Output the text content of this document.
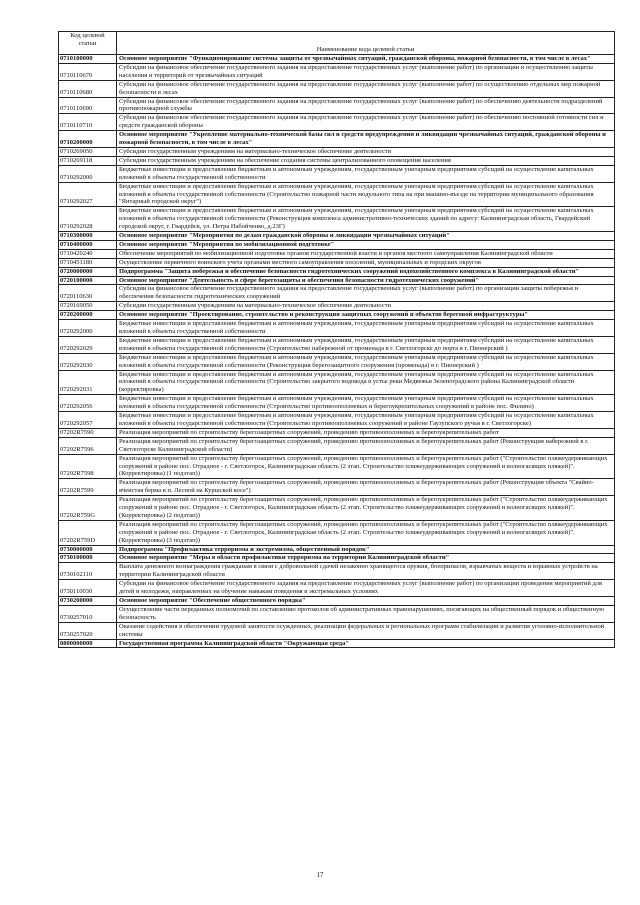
Код целевой статьи	Наименование кода целевой статьи
0710100000	Основное мероприятие "Функционирование системы защиты от чрезвычайных ситуаций, гражданской обороны, пожарной безопасности, в том числе в лесах"
0710110670	Субсидии на финансовое обеспечение государственного задания на предоставление государственных услуг (выполнение работ) по организации и осуществлению защиты населения и территорий от чрезвычайных ситуаций
0710110680	Субсидии на финансовое обеспечение государственного задания на предоставление государственных услуг (выполнение работ) по осуществлению отдельных мер пожарной безопасности в лесах
0710110690	Субсидии на финансовое обеспечение государственного задания на предоставление государственных услуг (выполнение работ) по обеспечению деятельности подразделений противопожарной службы
0710110710	Субсидии на финансовое обеспечение государственного задания на предоставление государственных услуг (выполнение работ) по обеспечению постоянной готовности сил и средств гражданской обороны
0710200000	Основное мероприятие "Укрепление материально-технической базы сил и средств предупреждения и ликвидации чрезвычайных ситуаций, гражданской обороны и пожарной безопасности, в том числе в лесах"
0710269050	Субсидии государственным учреждениям на материально-техническое обеспечение деятельности
0710269118	Субсидии государственным учреждениям на обеспечение создания системы централизованного оповещения населения
0710292000	Бюджетные инвестиции и предоставление бюджетным и автономным учреждениям, государственным унитарным предприятиям субсидий на осуществление капитальных вложений в объекты государственной собственности
0710292027	Бюджетные инвестиции и предоставление бюджетным и автономным учреждениям, государственным унитарным предприятиям субсидий на осуществление капитальных вложений в объекты государственной собственности (Строительство пожарной части модульного типа на при машино-въезде на территории муниципального образования "Янтарный городской округ")
0710292028	Бюджетные инвестиции и предоставление бюджетным и автономным учреждениям, государственным унитарным предприятиям субсидий на осуществление капитальных вложений в объекты государственной собственности (Реконструкция комплекса административно-технических зданий по адресу: Калининградская область, Гвардейский городской округ, г. Гвардейск, ул. Петра Набойченко, д.23Г)
0710300000	Основное мероприятие "Мероприятия по делам гражданской обороны и ликвидации чрезвычайных ситуаций"
0710400000	Основное мероприятие "Мероприятия по мобилизационной подготовке"
0710420240	Обеспечение мероприятий по мобилизационной подготовке органов государственной власти и органов местного самоуправления Калининградской области
0710451180	Осуществление первичного воинского учета органами местного самоуправления поселений, муниципальных и городских округов
0720000000	Подпрограмма "Защита побережья и обеспечение безопасности гидротехнических сооружений водохозяйственного комплекса в Калининградской области"
0720100000	Основное мероприятие "Деятельность в сфере берегозащиты и обеспечения безопасности гидротехнических сооружений"
0720110630	Субсидии на финансовое обеспечение государственного задания на предоставление государственных услуг (выполнение работ) по организации защиты побережья и обеспечения безопасности гидротехнических сооружений
0720169050	Субсидии государственным учреждениям на материально-техническое обеспечение деятельности
0720200000	Основное мероприятие "Проектирование, строительство и реконструкция защитных сооружений и объектов береговой инфраструктуры"
0720292000	Бюджетные инвестиции и предоставление бюджетным и автономным учреждениям, государственным унитарным предприятиям субсидий на осуществление капитальных вложений в объекты государственной собственности
0720292029	Бюджетные инвестиции и предоставление бюджетным и автономным учреждениям, государственным унитарным предприятиям субсидий на осуществление капитальных вложений в объекты государственной собственности (Строительство набережной от променада в г. Светлогорске до порта в г. Пионерский )
0720292030	Бюджетные инвестиции и предоставление бюджетным и автономным учреждениям, государственным унитарным предприятиям субсидий на осуществление капитальных вложений в объекты государственной собственности (Реконструкция берегозащитного сооружения (променада) в г. Пионерский )
0720292031	Бюджетные инвестиции и предоставление бюджетным и автономным учреждениям, государственным унитарным предприятиям субсидий на осуществление капитальных вложений в объекты государственной собственности (Строительство закрытого водовода в устье реки Медвежья Зеленоградского района Калининградской области (корректировка)
0720292056	Бюджетные инвестиции и предоставление бюджетным и автономным учреждениям, государственным унитарным предприятиям субсидий на осуществление капитальных вложений в объекты государственной собственности (Строительство противооползневых и берегоукрепительных сооружений в районе пос. Филино)
0720292057	Бюджетные инвестиции и предоставление бюджетным и автономным учреждениям, государственным унитарным предприятиям субсидий на осуществление капитальных вложений в объекты государственной собственности (Строительство противооползневых сооружений в районе Гаузупского ручья в г. Светлогорске)
07202R7590	Реализация мероприятий по строительству берегозащитных сооружений, проведению противооползневых и берегоукрепительных работ
07202R7596	Реализация мероприятий по строительству берегозащитных сооружений, проведению противооползневых и берегоукрепительных работ (Реконструкция набережной в г. Светлогорске Калининградской области)
07202R7598	Реализация мероприятий по строительству берегозащитных сооружений, проведению противооползневых и берегоукрепительных работ ("Строительство пляжеудерживающих сооружений в районе пос. Отрадное - г. Светлогорск, Калининградская область (2 этап. Строительство пляжеудерживающих сооружений и волногасящих пляжей)". (Корректировка) (1 подэтап))
07202R7599	Реализация мероприятий по строительству берегозащитных сооружений, проведению противооползневых и берегоукрепительных работ (Реконструкция объекта "Свайно-ячеистая берма в п. Лесной на Куршской косе")
07202R759G	Реализация мероприятий по строительству берегозащитных сооружений, проведению противооползневых и берегоукрепительных работ ("Строительство пляжеудерживающих сооружений в районе пос. Отрадное - г. Светлогорск, Калининградская область (2 этап. Строительство пляжеудерживающих сооружений и волногасящих пляжей)". (Корректировка) (2 подэтап))
07202R759D	Реализация мероприятий по строительству берегозащитных сооружений, проведению противооползневых и берегоукрепительных работ ("Строительство пляжеудерживающих сооружений в районе пос. Отрадное - г. Светлогорск, Калининградская область (2 этап. Строительство пляжеудерживающих сооружений и волногасящих пляжей)". (Корректировка) (3 подэтап))
0730000000	Подпрограмма "Профилактика терроризма и экстремизма, общественный порядок"
0730100000	Основное мероприятие "Меры в области профилактики терроризма на территории Калининградской области"
0730102110	Выплата денежного вознаграждения гражданам в связи с добровольной сдачей незаконно хранящегося оружия, боеприпасов, взрывчатых веществ и взрывных устройств на территории Калининградской области
0730110030	Субсидии на финансовое обеспечение государственного задания на предоставление государственных услуг (выполнение работ) по организации проведения мероприятий для детей и молодежи, направленных на обучение навыкам поведения в экстремальных условиях
0730200000	Основное мероприятие "Обеспечение общественного порядка"
0730257010	Осуществление части переданных полномочий по составлению протоколов об административных правонарушениях, посягающих на общественный порядок и общественную безопасность
0730257020	Оказание содействия в обеспечении трудовой занятости осужденных, реализации федеральных и региональных программ стабилизации и развития уголовно-исполнительной системы
0800000000	Государственная программа Калининградской области "Окружающая среда"
17
